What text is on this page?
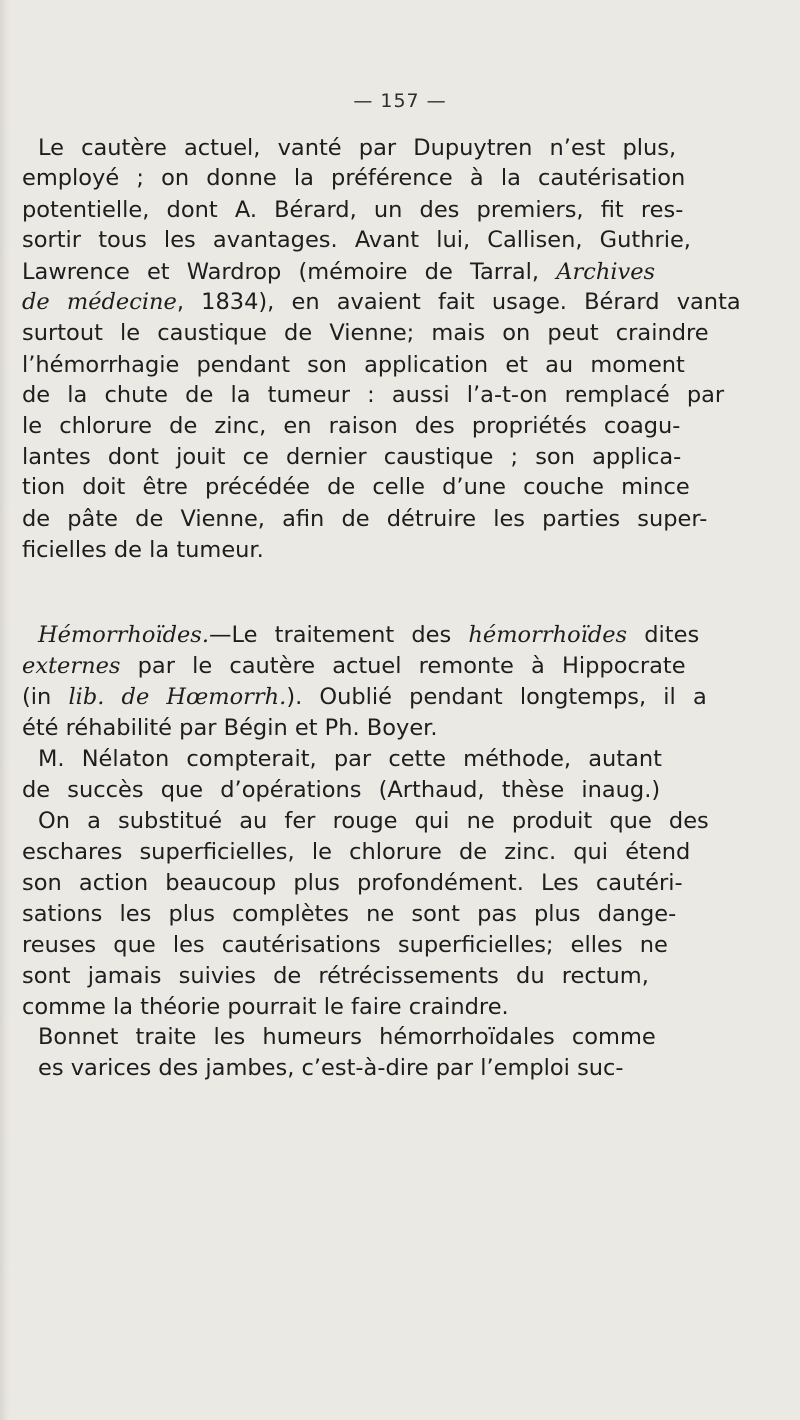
— 157 —
Le cautère actuel, vanté par Dupuytren n’est plus,
employé ; on donne la préférence à la cautérisation
potentielle, dont A. Bérard, un des premiers, fit res-
sortir tous les avantages. Avant lui, Callisen, Guthrie,
Lawrence et Wardrop (mémoire de Tarral, Archives
de médecine, 1834), en avaient fait usage. Bérard vanta
surtout le caustique de Vienne; mais on peut craindre
l’hémorrhagie pendant son application et au moment
de la chute de la tumeur : aussi l’a-t-on remplacé par
le chlorure de zinc, en raison des propriétés coagu-
lantes dont jouit ce dernier caustique ; son applica-
tion doit être précédée de celle d’une couche mince
de pâte de Vienne, afin de détruire les parties super-
ficielles de la tumeur.
Hémorrhoïdes.—Le traitement des hémorrhoïdes dites
externes par le cautère actuel remonte à Hippocrate
(in lib. de Hœmorrh.). Oublié pendant longtemps, il a
été réhabilité par Bégin et Ph. Boyer.
M. Nélaton compterait, par cette méthode, autant
de succès que d’opérations (Arthaud, thèse inaug.)
On a substitué au fer rouge qui ne produit que des
eschares superficielles, le chlorure de zinc. qui étend
son action beaucoup plus profondément. Les cautéri-
sations les plus complètes ne sont pas plus dange-
reuses que les cautérisations superficielles; elles ne
sont jamais suivies de rétrécissements du rectum,
comme la théorie pourrait le faire craindre.
Bonnet traite les humeurs hémorrhoïdales comme
es varices des jambes, c’est-à-dire par l’emploi suc-
